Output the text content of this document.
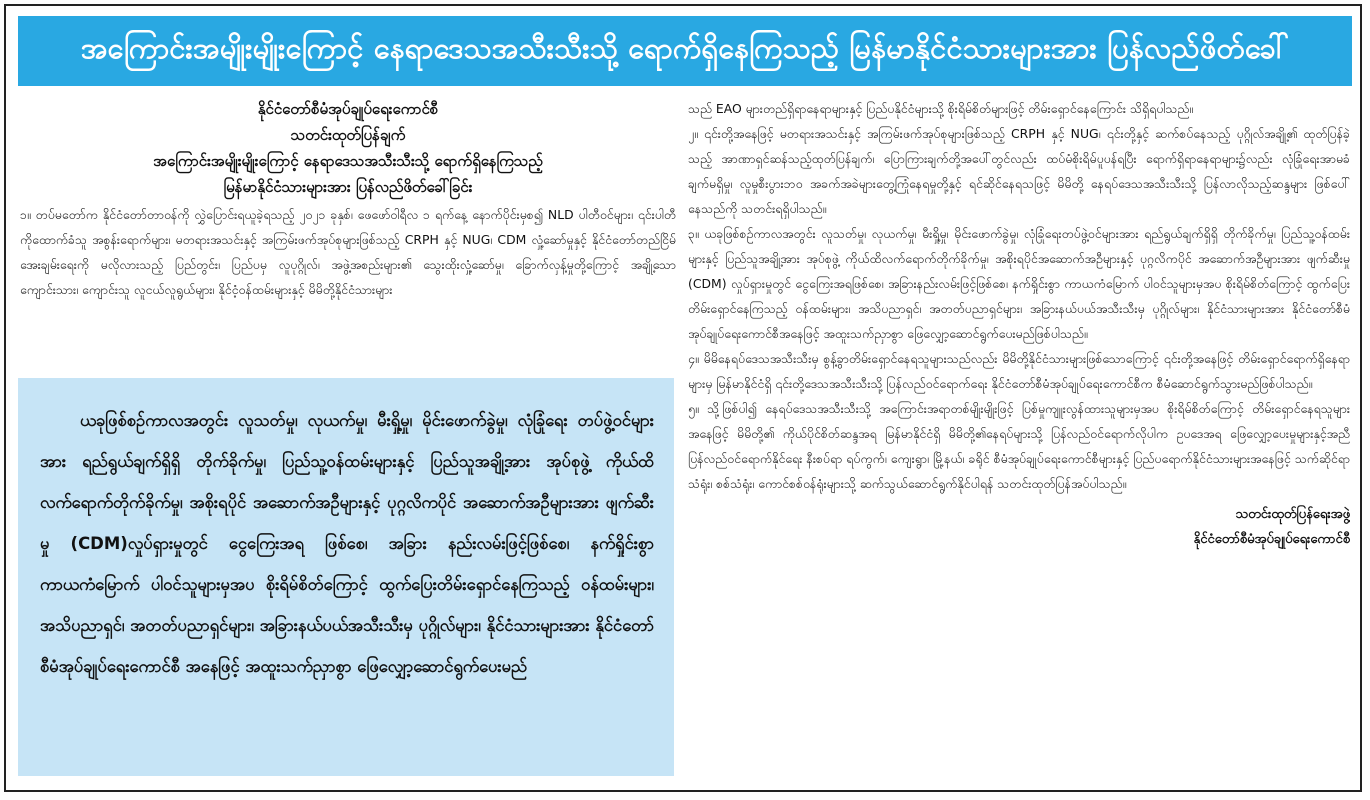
အကြောင်းအမျိုးမျိုးကြောင့် နေရာဒေသအသီးသီးသို့ ရောက်ရှိနေကြသည့် မြန်မာနိုင်ငံသားများအား ပြန်လည်ဖိတ်ခေါ်
နိုင်ငံတော်စီမံအုပ်ချုပ်ရေးကောင်စီ
သတင်းထုတ်ပြန်ချက်
အကြောင်းအမျိုးမျိုးကြောင့် နေရာဒေသအသီးသီးသို့ ရောက်ရှိနေကြသည့်
မြန်မာနိုင်ငံသားများအား ပြန်လည်ဖိတ်ခေါ်ခြင်း

၁။ တပ်မတော်က နိုင်ငံတော်တာဝန်ကို လွှဲပြောင်းရယူခဲ့ရသည့် ၂၀၂၁ ခုနှစ်၊ ဖေဖော်ဝါရီလ ၁ ရက်နေ့ နောက်ပိုင်းမှစ၍ NLD ပါတီဝင်များ၊ ၎င်းပါတီကိုထောက်ခံသူ အစွန်းရောက်များ၊ မတရားအသင်းနှင့် အကြမ်းဖက်အုပ်စုများဖြစ်သည့် CRPH နှင့် NUG၊ CDM လှုံ့ဆော်မှုနှင့် နိုင်ငံတော်တည်ငြိမ်အေးချမ်းရေးကို မလိုလားသည့် ပြည်တွင်း၊ ပြည်ပမှ လူပုဂ္ဂိုလ်၊ အဖွဲ့အစည်းများ၏ သွေးထိုးလှုံ့ဆော်မှု၊ ခြောက်လှန့်မှုတို့ကြောင့် အချို့သော ကျောင်းသား၊ ကျောင်းသူ လူငယ်လူရွယ်များ၊ နိုင်ငံ့ဝန်ထမ်းများနှင့် မိမိတို့နိုင်ငံသားများ

ယခုဖြစ်စဉ်ကာလအတွင်း လူသတ်မှု၊ လုယက်မှု၊ မီးရှို့မှု၊ မိုင်းဖောက်ခွဲမှု၊ လုံခြုံရေး တပ်ဖွဲ့ဝင်များအား ရည်ရွယ်ချက်ရှိရှိ တိုက်ခိုက်မှု၊ ပြည်သူ့ဝန်ထမ်းများနှင့် ပြည်သူအချို့အား အုပ်စုဖွဲ့ ကိုယ်ထိလက်ရောက်တိုက်ခိုက်မှု၊ အစိုးရပိုင် အဆောက်အဦများနှင့် ပုဂ္ဂလိကပိုင် အဆောက်အဦများအား ဖျက်ဆီးမှု (CDM)လှုပ်ရှားမှုတွင် ငွေကြေးအရ ဖြစ်စေ၊ အခြား နည်းလမ်းဖြင့်ဖြစ်စေ၊ နက်ရှိုင်းစွာ ကာယကံမြောက် ပါဝင်သူများမှအပ စိုးရိမ်စိတ်ကြောင့် ထွက်ပြေးတိမ်းရှောင်နေကြသည့် ဝန်ထမ်းများ၊ အသိပညာရှင်၊ အတတ်ပညာရှင်များ၊ အခြားနယ်ပယ်အသီးသီးမှ ပုဂ္ဂိုလ်များ၊ နိုင်ငံသားများအား နိုင်ငံတော် စီမံအုပ်ချုပ်ရေးကောင်စီ အနေဖြင့် အထူးသက်ညှာစွာ ဖြေလျှော့ဆောင်ရွက်ပေးမည်

သည် EAO များတည်ရှိရာနေရာများနှင့် ပြည်ပနိုင်ငံများသို့ စိုးရိမ်စိတ်များဖြင့် တိမ်းရှောင်နေကြောင်း သိရှိရပါသည်။

၂။ ၎င်းတို့အနေဖြင့် မတရားအသင်းနှင့် အကြမ်းဖက်အုပ်စုများဖြစ်သည့် CRPH နှင့် NUG၊ ၎င်းတို့နှင့် ဆက်စပ်နေသည့် ပုဂ္ဂိုလ်အချို့၏ ထုတ်ပြန်ခဲ့သည့် အာဏာရှင်ဆန်သည့်ထုတ်ပြန်ချက်၊ ပြောကြားချက်တို့အပေါ်တွင်လည်း ထပ်မံစိုးရိမ်ပူပန်ရပြီး ရောက်ရှိရာနေရာများ၌လည်း လုံခြုံရေးအာမခံချက်မရှိမှု၊ လူမှုစီးပွားဘဝ အခက်အခဲများတွေ့ကြုံနေရမှုတို့နှင့် ရင်ဆိုင်နေရသဖြင့် မိမိတို့ နေရပ်ဒေသအသီးသီးသို့ ပြန်လာလိုသည့်ဆန္ဒများ ဖြစ်ပေါ်နေသည်ကို သတင်းရရှိပါသည်။

၃။ ယခုဖြစ်စဉ်ကာလအတွင်း လူသတ်မှု၊ လုယက်မှု၊ မီးရှို့မှု၊ မိုင်းဖောက်ခွဲမှု၊ လုံခြုံရေးတပ်ဖွဲ့ဝင်များအား ရည်ရွယ်ချက်ရှိရှိ တိုက်ခိုက်မှု၊ ပြည်သူ့ဝန်ထမ်းများနှင့် ပြည်သူအချို့အား အုပ်စုဖွဲ့ ကိုယ်ထိလက်ရောက်တိုက်ခိုက်မှု၊ အစိုးရပိုင်အဆောက်အဦများနှင့် ပုဂ္ဂလိကပိုင် အဆောက်အဦများအား ဖျက်ဆီးမှု (CDM) လှုပ်ရှားမှုတွင် ငွေကြေးအရဖြစ်စေ၊ အခြားနည်းလမ်းဖြင့်ဖြစ်စေ၊ နက်ရှိုင်းစွာ ကာယကံမြောက် ပါဝင်သူများမှအပ စိုးရိမ်စိတ်ကြောင့် ထွက်ပြေးတိမ်းရှောင်နေကြသည့် ဝန်ထမ်းများ၊ အသိပညာရှင်၊ အတတ်ပညာရှင်များ၊ အခြားနယ်ပယ်အသီးသီးမှ ပုဂ္ဂိုလ်များ၊ နိုင်ငံသားများအား နိုင်ငံတော်စီမံအုပ်ချုပ်ရေးကောင်စီအနေဖြင့် အထူးသက်ညှာစွာ ဖြေလျှော့ဆောင်ရွက်ပေးမည်ဖြစ်ပါသည်။

၄။ မိမိနေရပ်ဒေသအသီးသီးမှ စွန့်ခွာတိမ်းရှောင်နေရသူများသည်လည်း မိမိတို့နိုင်ငံသားများဖြစ်သောကြောင့် ၎င်းတို့အနေဖြင့် တိမ်းရှောင်ရောက်ရှိနေရာများမှ မြန်မာနိုင်ငံရှိ ၎င်းတို့ဒေသအသီးသီးသို့ ပြန်လည်ဝင်ရောက်ရေး နိုင်ငံတော်စီမံအုပ်ချုပ်ရေးကောင်စီက စီမံဆောင်ရွက်သွားမည်ဖြစ်ပါသည်။

၅။ သို့ဖြစ်ပါ၍ နေရပ်ဒေသအသီးသီးသို့ အကြောင်းအရာတစ်မျိုးမျိုးဖြင့် ပြစ်မှုကျူးလွန်ထားသူများမှအပ စိုးရိမ်စိတ်ကြောင့် တိမ်းရှောင်နေရသူများအနေဖြင့် မိမိတို့၏ ကိုယ်ပိုင်စိတ်ဆန္ဒအရ မြန်မာနိုင်ငံရှိ မိမိတို့၏နေရပ်များသို့ ပြန်လည်ဝင်ရောက်လိုပါက ဥပဒေအရ ဖြေလျှော့ပေးမှုများနှင့်အညီ ပြန်လည်ဝင်ရောက်နိုင်ရေး နီးစပ်ရာ ရပ်ကွက်၊ ကျေးရွာ၊ မြို့နယ်၊ ခရိုင် စီမံအုပ်ချုပ်ရေးကောင်စီများနှင့် ပြည်ပရောက်နိုင်ငံသားများအနေဖြင့် သက်ဆိုင်ရာ သံရုံး၊ စစ်သံရုံး၊ ကောင်စစ်ဝန်ရုံးများသို့ ဆက်သွယ်ဆောင်ရွက်နိုင်ပါရန် သတင်းထုတ်ပြန်အပ်ပါသည်။

သတင်းထုတ်ပြန်ရေးအဖွဲ့
နိုင်ငံတော်စီမံအုပ်ချုပ်ရေးကောင်စီ
